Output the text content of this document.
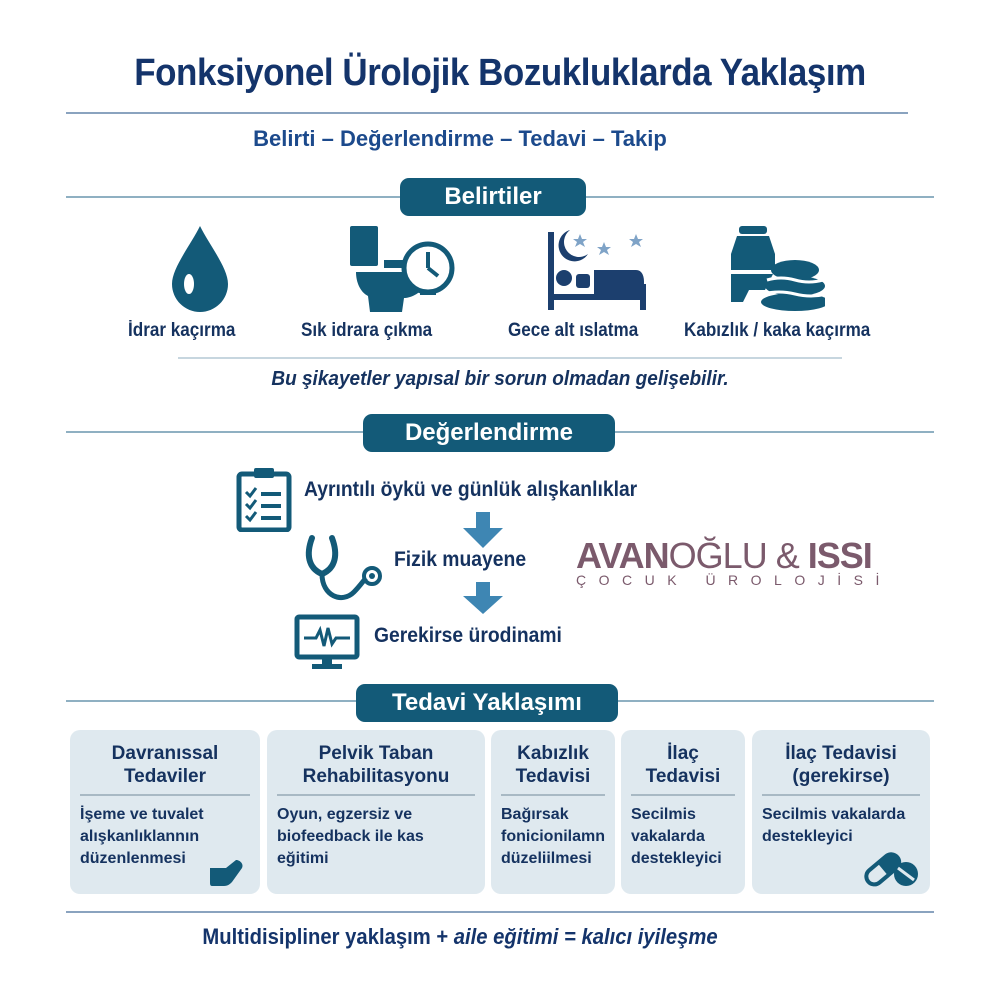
Fonksiyonel Ürolojik Bozukluklarda Yaklaşım
Belirti – Değerlendirme – Tedavi – Takip
Belirtiler
İdrar kaçırma	Sık idrara çıkma	Gece alt ıslatma Kabızlık / kaka kaçırma
Bu şikayetler yapısal bir sorun olmadan gelişebilir.
Değerlendirme
Ayrıntılı öykü ve günlük alışkanlıklar
Fizik muayene
Gerekirse ürodinami
AVANOĞLU & ISSI
ÇOCUK ÜROLOJİSİ
Tedavi Yaklaşımı
Davranıssal Tedaviler
İşeme ve tuvalet alışkanlıklannın düzenlenmesi
Pelvik Taban Rehabilitasyonu
Oyun, egzersiz ve biofeedback ile kas eğitimi
Kabızlık Tedavisi
Bağırsak fonicionilamn düzeliilmesi
İlaç Tedavisi
Secilmis vakalarda destekleyici
İlaç Tedavisi (gerekirse)
Secilmis vakalarda destekleyici
Multidisipliner yaklaşım + aile eğitimi = kalıcı iyileşme
